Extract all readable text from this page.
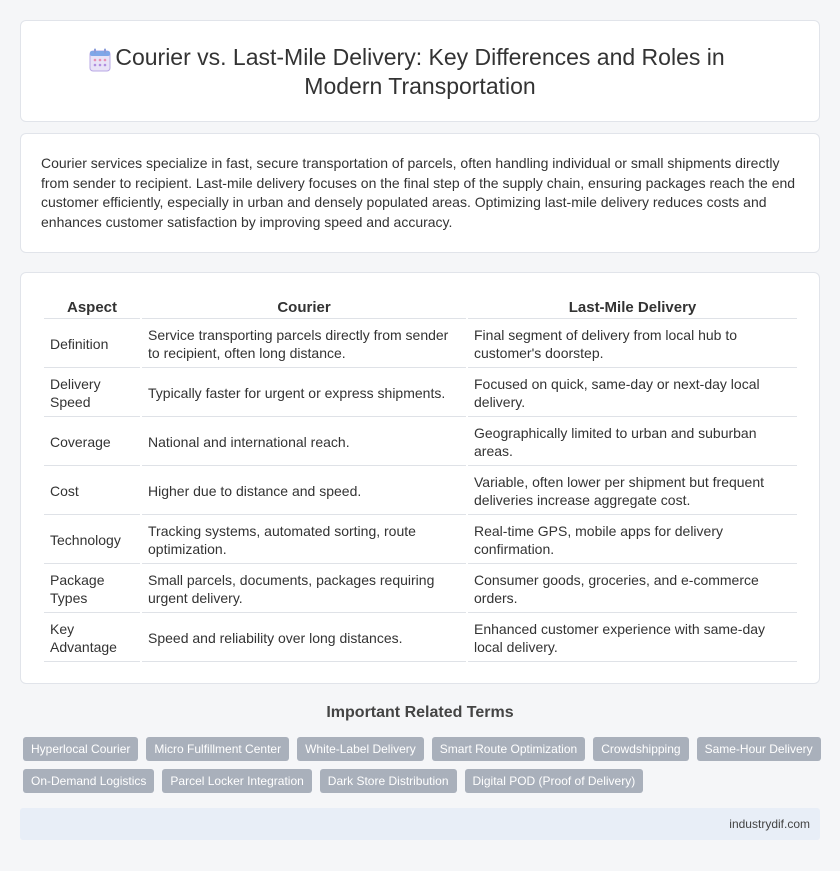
Courier vs. Last-Mile Delivery: Key Differences and Roles in Modern Transportation

Courier services specialize in fast, secure transportation of parcels, often handling individual or small shipments directly from sender to recipient. Last-mile delivery focuses on the final step of the supply chain, ensuring packages reach the end customer efficiently, especially in urban and densely populated areas. Optimizing last-mile delivery reduces costs and enhances customer satisfaction by improving speed and accuracy.

Aspect	Courier	Last-Mile Delivery
Definition	Service transporting parcels directly from sender to recipient, often long distance.	Final segment of delivery from local hub to customer's doorstep.
Delivery Speed	Typically faster for urgent or express shipments.	Focused on quick, same-day or next-day local delivery.
Coverage	National and international reach.	Geographically limited to urban and suburban areas.
Cost	Higher due to distance and speed.	Variable, often lower per shipment but frequent deliveries increase aggregate cost.
Technology	Tracking systems, automated sorting, route optimization.	Real-time GPS, mobile apps for delivery confirmation.
Package Types	Small parcels, documents, packages requiring urgent delivery.	Consumer goods, groceries, and e-commerce orders.
Key Advantage	Speed and reliability over long distances.	Enhanced customer experience with same-day local delivery.
Important Related Terms
Hyperlocal Courier	Micro Fulfillment Center	White-Label Delivery	Smart Route Optimization	Crowdshipping	Same-Hour Delivery
On-Demand Logistics	Parcel Locker Integration	Dark Store Distribution	Digital POD (Proof of Delivery)
industrydif.com
